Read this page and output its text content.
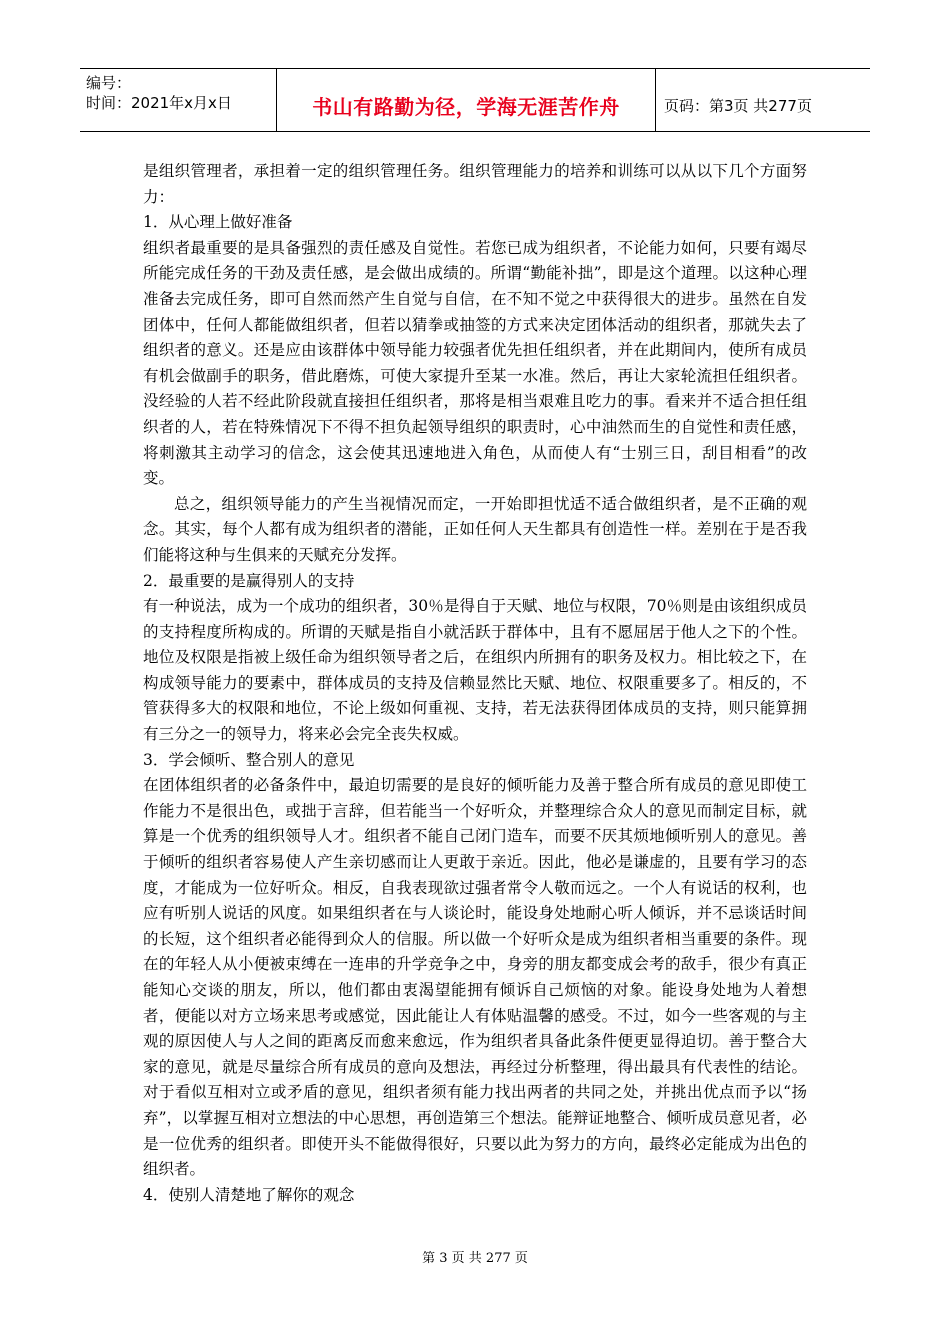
编号：
时间：2021年x月x日	书山有路勤为径，学海无涯苦作舟	页码：第3页 共277页

是组织管理者，承担着一定的组织管理任务。组织管理能力的培养和训练可以从以下几个方面努力：

1．从心理上做好准备

组织者最重要的是具备强烈的责任感及自觉性。若您已成为组织者，不论能力如何，只要有竭尽所能完成任务的干劲及责任感，是会做出成绩的。所谓“勤能补拙”，即是这个道理。以这种心理准备去完成任务，即可自然而然产生自觉与自信，在不知不觉之中获得很大的进步。虽然在自发团体中，任何人都能做组织者，但若以猜拳或抽签的方式来决定团体活动的组织者，那就失去了组织者的意义。还是应由该群体中领导能力较强者优先担任组织者，并在此期间内，使所有成员有机会做副手的职务，借此磨炼，可使大家提升至某一水准。然后，再让大家轮流担任组织者。没经验的人若不经此阶段就直接担任组织者，那将是相当艰难且吃力的事。看来并不适合担任组织者的人，若在特殊情况下不得不担负起领导组织的职责时，心中油然而生的自觉性和责任感，将刺激其主动学习的信念，这会使其迅速地进入角色，从而使人有“士别三日，刮目相看”的改变。

总之，组织领导能力的产生当视情况而定，一开始即担忧适不适合做组织者，是不正确的观念。其实，每个人都有成为组织者的潜能，正如任何人天生都具有创造性一样。差别在于是否我们能将这种与生俱来的天赋充分发挥。

2．最重要的是赢得别人的支持

有一种说法，成为一个成功的组织者，30％是得自于天赋、地位与权限，70％则是由该组织成员的支持程度所构成的。所谓的天赋是指自小就活跃于群体中，且有不愿屈居于他人之下的个性。地位及权限是指被上级任命为组织领导者之后，在组织内所拥有的职务及权力。相比较之下，在构成领导能力的要素中，群体成员的支持及信赖显然比天赋、地位、权限重要多了。相反的，不管获得多大的权限和地位，不论上级如何重视、支持，若无法获得团体成员的支持，则只能算拥有三分之一的领导力，将来必会完全丧失权威。

3．学会倾听、整合别人的意见

在团体组织者的必备条件中，最迫切需要的是良好的倾听能力及善于整合所有成员的意见即使工作能力不是很出色，或拙于言辞，但若能当一个好听众，并整理综合众人的意见而制定目标，就算是一个优秀的组织领导人才。组织者不能自己闭门造车，而要不厌其烦地倾听别人的意见。善于倾听的组织者容易使人产生亲切感而让人更敢于亲近。因此，他必是谦虚的，且要有学习的态度，才能成为一位好听众。相反，自我表现欲过强者常令人敬而远之。一个人有说话的权利，也应有听别人说话的风度。如果组织者在与人谈论时，能设身处地耐心听人倾诉，并不忌谈话时间的长短，这个组织者必能得到众人的信服。所以做一个好听众是成为组织者相当重要的条件。现在的年轻人从小便被束缚在一连串的升学竞争之中，身旁的朋友都变成会考的敌手，很少有真正能知心交谈的朋友，所以，他们都由衷渴望能拥有倾诉自己烦恼的对象。能设身处地为人着想者，便能以对方立场来思考或感觉，因此能让人有体贴温馨的感受。不过，如今一些客观的与主观的原因使人与人之间的距离反而愈来愈远，作为组织者具备此条件便更显得迫切。善于整合大家的意见，就是尽量综合所有成员的意向及想法，再经过分析整理，得出最具有代表性的结论。对于看似互相对立或矛盾的意见，组织者须有能力找出两者的共同之处，并挑出优点而予以“扬弃”，以掌握互相对立想法的中心思想，再创造第三个想法。能辩证地整合、倾听成员意见者，必是一位优秀的组织者。即使开头不能做得很好，只要以此为努力的方向，最终必定能成为出色的组织者。

4．使别人清楚地了解你的观念

第 3 页 共 277 页
